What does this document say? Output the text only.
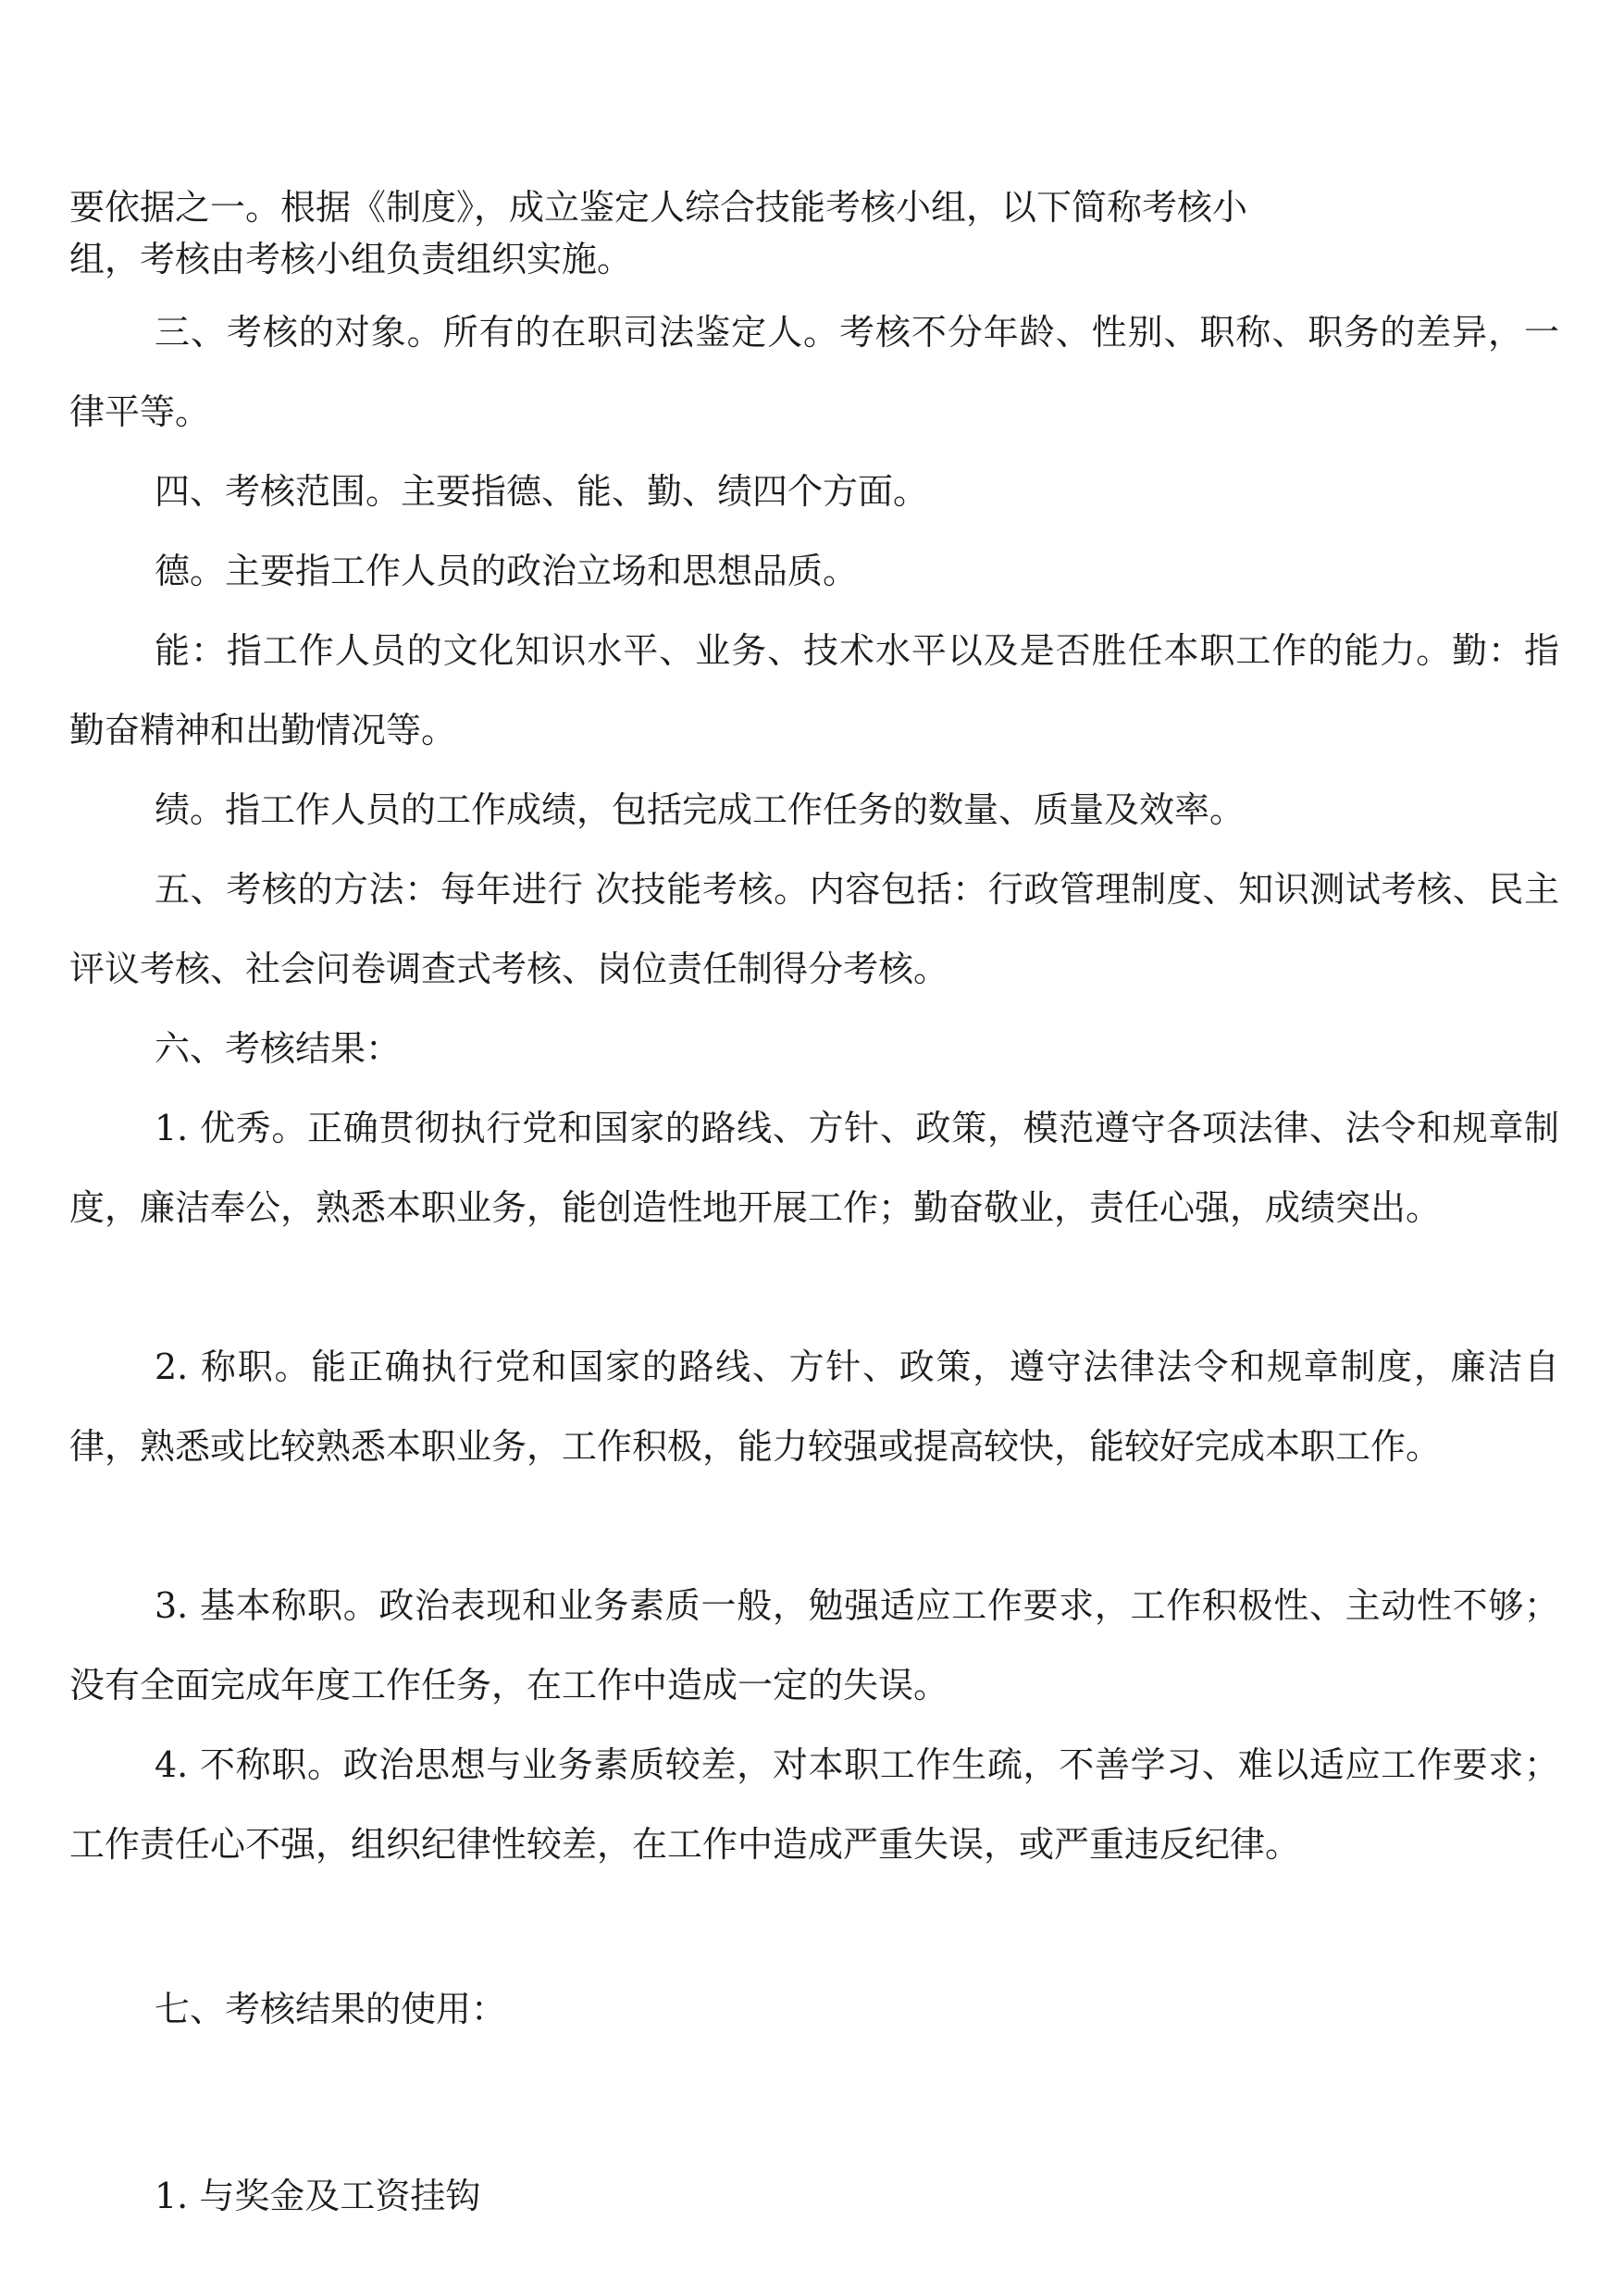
要依据之一。根据《制度》，成立鉴定人综合技能考核小组，以下简称考核小
组，考核由考核小组负责组织实施。

三、考核的对象。所有的在职司法鉴定人。考核不分年龄、性别、职称、职务的差异，一律平等。

四、考核范围。主要指德、能、勤、绩四个方面。

德。主要指工作人员的政治立场和思想品质。

能：指工作人员的文化知识水平、业务、技术水平以及是否胜任本职工作的能力。勤：指勤奋精神和出勤情况等。

绩。指工作人员的工作成绩，包括完成工作任务的数量、质量及效率。

五、考核的方法：每年进行 次技能考核。内容包括：行政管理制度、知识测试考核、民主评议考核、社会问卷调查式考核、岗位责任制得分考核。

六、考核结果：

1. 优秀。正确贯彻执行党和国家的路线、方针、政策，模范遵守各项法律、法令和规章制度，廉洁奉公，熟悉本职业务，能创造性地开展工作；勤奋敬业，责任心强，成绩突出。

2. 称职。能正确执行党和国家的路线、方针、政策，遵守法律法令和规章制度，廉洁自律，熟悉或比较熟悉本职业务，工作积极，能力较强或提高较快，能较好完成本职工作。

3. 基本称职。政治表现和业务素质一般，勉强适应工作要求，工作积极性、主动性不够；没有全面完成年度工作任务，在工作中造成一定的失误。

4. 不称职。政治思想与业务素质较差，对本职工作生疏，不善学习、难以适应工作要求；工作责任心不强，组织纪律性较差，在工作中造成严重失误，或严重违反纪律。

七、考核结果的使用：

1. 与奖金及工资挂钩
